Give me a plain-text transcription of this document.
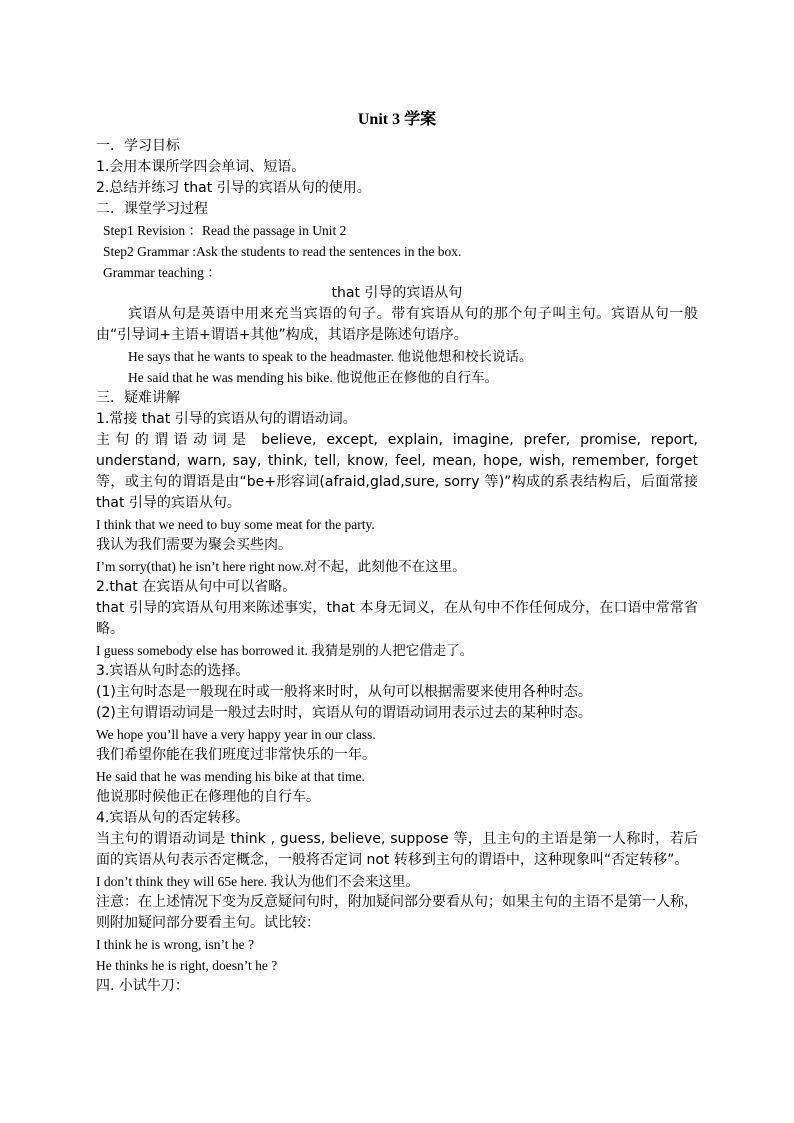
Unit 3 学案
一．学习目标
1.会用本课所学四会单词、短语。
2.总结并练习 that 引导的宾语从句的使用。
二．课堂学习过程
Step1 Revision ：Read the passage in Unit 2
Step2 Grammar :Ask the students to read the sentences in the box.
Grammar teaching ：
that 引导的宾语从句
宾语从句是英语中用来充当宾语的句子。带有宾语从句的那个句子叫主句。宾语从句一般由“引导词+主语+谓语+其他”构成，其语序是陈述句语序。
He says that he wants to speak to the headmaster. 他说他想和校长说话。
He said that he was mending his bike. 他说他正在修他的自行车。
三．疑难讲解
1.常接 that 引导的宾语从句的谓语动词。
主句的谓语动词是 believe, except, explain, imagine, prefer, promise, report, understand, warn, say, think, tell, know, feel, mean, hope, wish, remember, forget 等，或主句的谓语是由“be+形容词(afraid,glad,sure, sorry 等)”构成的系表结构后，后面常接 that 引导的宾语从句。
I think that we need to buy some meat for the party.
我认为我们需要为聚会买些肉。
I’m sorry(that) he isn’t here right now.对不起，此刻他不在这里。
2.that 在宾语从句中可以省略。
that 引导的宾语从句用来陈述事实，that 本身无词义，在从句中不作任何成分，在口语中常常省略。
I guess somebody else has borrowed it. 我猜是别的人把它借走了。
3.宾语从句时态的选择。
(1)主句时态是一般现在时或一般将来时时，从句可以根据需要来使用各种时态。
(2)主句谓语动词是一般过去时时，宾语从句的谓语动词用表示过去的某种时态。
We hope you’ll have a very happy year in our class.
我们希望你能在我们班度过非常快乐的一年。
He said that he was mending his bike at that time.
他说那时候他正在修理他的自行车。
4.宾语从句的否定转移。
当主句的谓语动词是 think , guess, believe, suppose 等，且主句的主语是第一人称时，若后面的宾语从句表示否定概念，一般将否定词 not 转移到主句的谓语中，这种现象叫“否定转移”。
I don’t think they will 65e here. 我认为他们不会来这里。
注意：在上述情况下变为反意疑问句时，附加疑问部分要看从句；如果主句的主语不是第一人称，则附加疑问部分要看主句。试比较：
I think he is wrong, isn’t he ?
He thinks he is right, doesn’t he ?
四. 小试牛刀：
